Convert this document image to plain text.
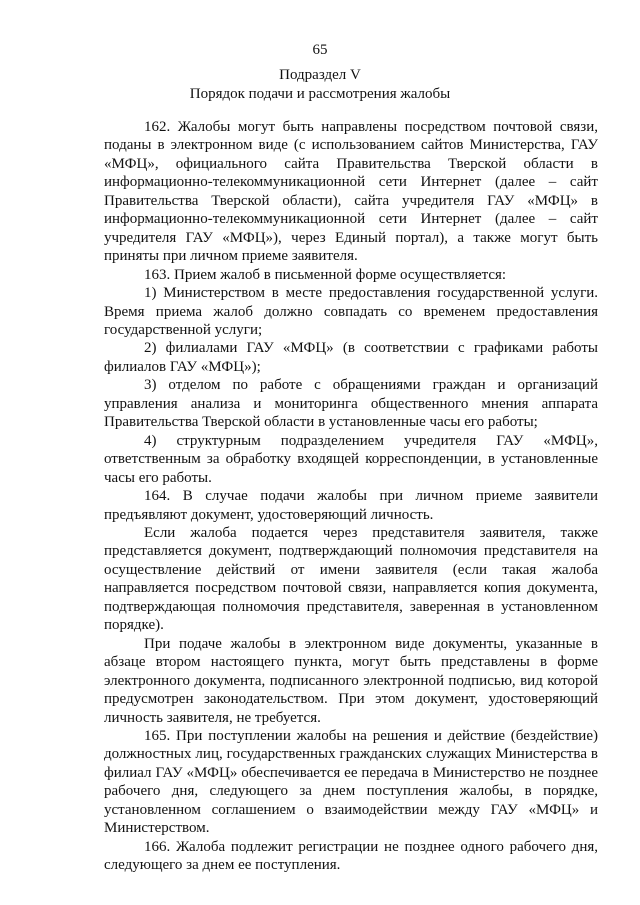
65
Подраздел V
Порядок подачи и рассмотрения жалобы

162. Жалобы могут быть направлены посредством почтовой связи, поданы в электронном виде (с использованием сайтов Министерства, ГАУ «МФЦ», официального сайта Правительства Тверской области в информационно-телекоммуникационной сети Интернет (далее – сайт Правительства Тверской области), сайта учредителя ГАУ «МФЦ» в информационно-телекоммуникационной сети Интернет (далее – сайт учредителя ГАУ «МФЦ»), через Единый портал), а также могут быть приняты при личном приеме заявителя.

163. Прием жалоб в письменной форме осуществляется:

1) Министерством в месте предоставления государственной услуги. Время приема жалоб должно совпадать со временем предоставления государственной услуги;

2) филиалами ГАУ «МФЦ» (в соответствии с графиками работы филиалов ГАУ «МФЦ»);

3) отделом по работе с обращениями граждан и организаций управления анализа и мониторинга общественного мнения аппарата Правительства Тверской области в установленные часы его работы;

4) структурным подразделением учредителя ГАУ «МФЦ», ответственным за обработку входящей корреспонденции, в установленные часы его работы.

164. В случае подачи жалобы при личном приеме заявители предъявляют документ, удостоверяющий личность.

Если жалоба подается через представителя заявителя, также представляется документ, подтверждающий полномочия представителя на осуществление действий от имени заявителя (если такая жалоба направляется посредством почтовой связи, направляется копия документа, подтверждающая полномочия представителя, заверенная в установленном порядке).

При подаче жалобы в электронном виде документы, указанные в абзаце втором настоящего пункта, могут быть представлены в форме электронного документа, подписанного электронной подписью, вид которой предусмотрен законодательством. При этом документ, удостоверяющий личность заявителя, не требуется.

165. При поступлении жалобы на решения и действие (бездействие) должностных лиц, государственных гражданских служащих Министерства в филиал ГАУ «МФЦ» обеспечивается ее передача в Министерство не позднее рабочего дня, следующего за днем поступления жалобы, в порядке, установленном соглашением о взаимодействии между ГАУ «МФЦ» и Министерством.

166. Жалоба подлежит регистрации не позднее одного рабочего дня, следующего за днем ее поступления.
